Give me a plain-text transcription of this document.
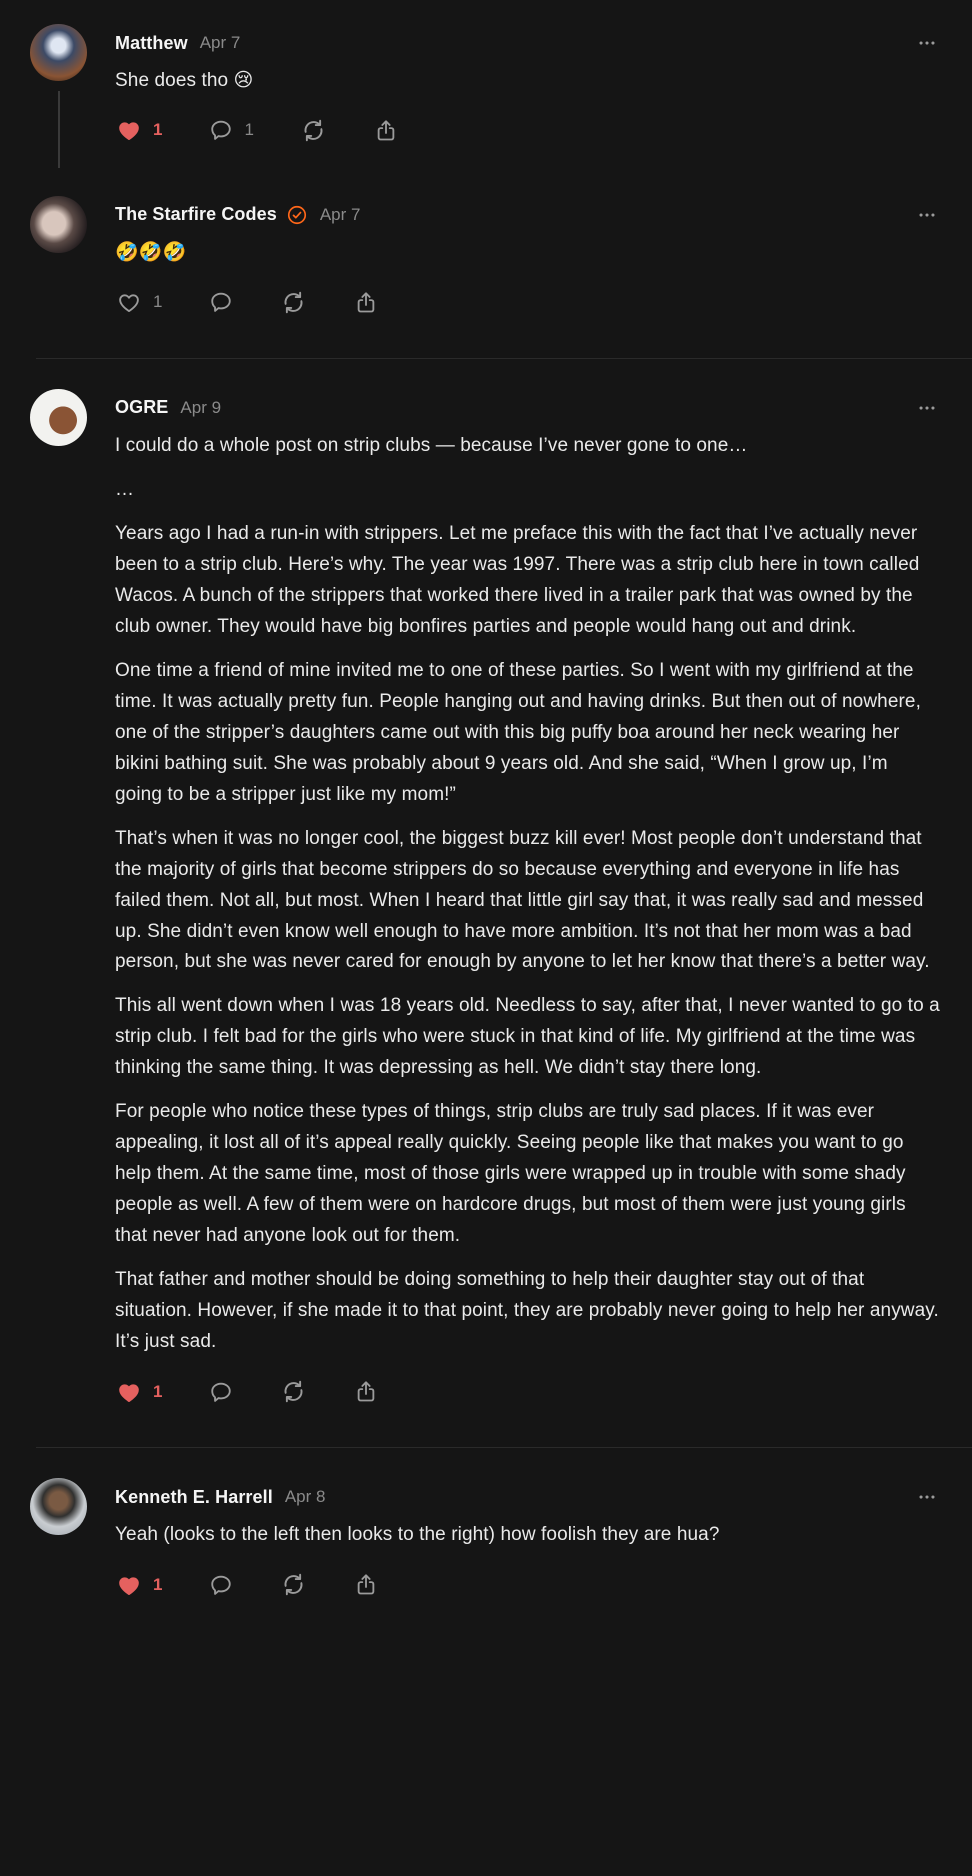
Matthew Apr 7

She does tho 😢

1	1
The Starfire Codes	Apr 7

🤣🤣🤣

1
OGRE Apr 9

I could do a whole post on strip clubs — because I’ve never gone to one…

…

Years ago I had a run-in with strippers. Let me preface this with the fact that I’ve actually never been to a strip club. Here’s why. The year was 1997. There was a strip club here in town called Wacos. A bunch of the strippers that worked there lived in a trailer park that was owned by the club owner. They would have big bonfires parties and people would hang out and drink.

One time a friend of mine invited me to one of these parties. So I went with my girlfriend at the time. It was actually pretty fun. People hanging out and having drinks. But then out of nowhere, one of the stripper’s daughters came out with this big puffy boa around her neck wearing her bikini bathing suit. She was probably about 9 years old. And she said, “When I grow up, I’m going to be a stripper just like my mom!”

That’s when it was no longer cool, the biggest buzz kill ever! Most people don’t understand that the majority of girls that become strippers do so because everything and everyone in life has failed them. Not all, but most. When I heard that little girl say that, it was really sad and messed up. She didn’t even know well enough to have more ambition. It’s not that her mom was a bad person, but she was never cared for enough by anyone to let her know that there’s a better way.

This all went down when I was 18 years old. Needless to say, after that, I never wanted to go to a strip club. I felt bad for the girls who were stuck in that kind of life. My girlfriend at the time was thinking the same thing. It was depressing as hell. We didn’t stay there long.

For people who notice these types of things, strip clubs are truly sad places. If it was ever appealing, it lost all of it’s appeal really quickly. Seeing people like that makes you want to go help them. At the same time, most of those girls were wrapped up in trouble with some shady people as well. A few of them were on hardcore drugs, but most of them were just young girls that never had anyone look out for them.

That father and mother should be doing something to help their daughter stay out of that situation. However, if she made it to that point, they are probably never going to help her anyway. It’s just sad.

1
Kenneth E. Harrell Apr 8

Yeah (looks to the left then looks to the right) how foolish they are hua?

1
